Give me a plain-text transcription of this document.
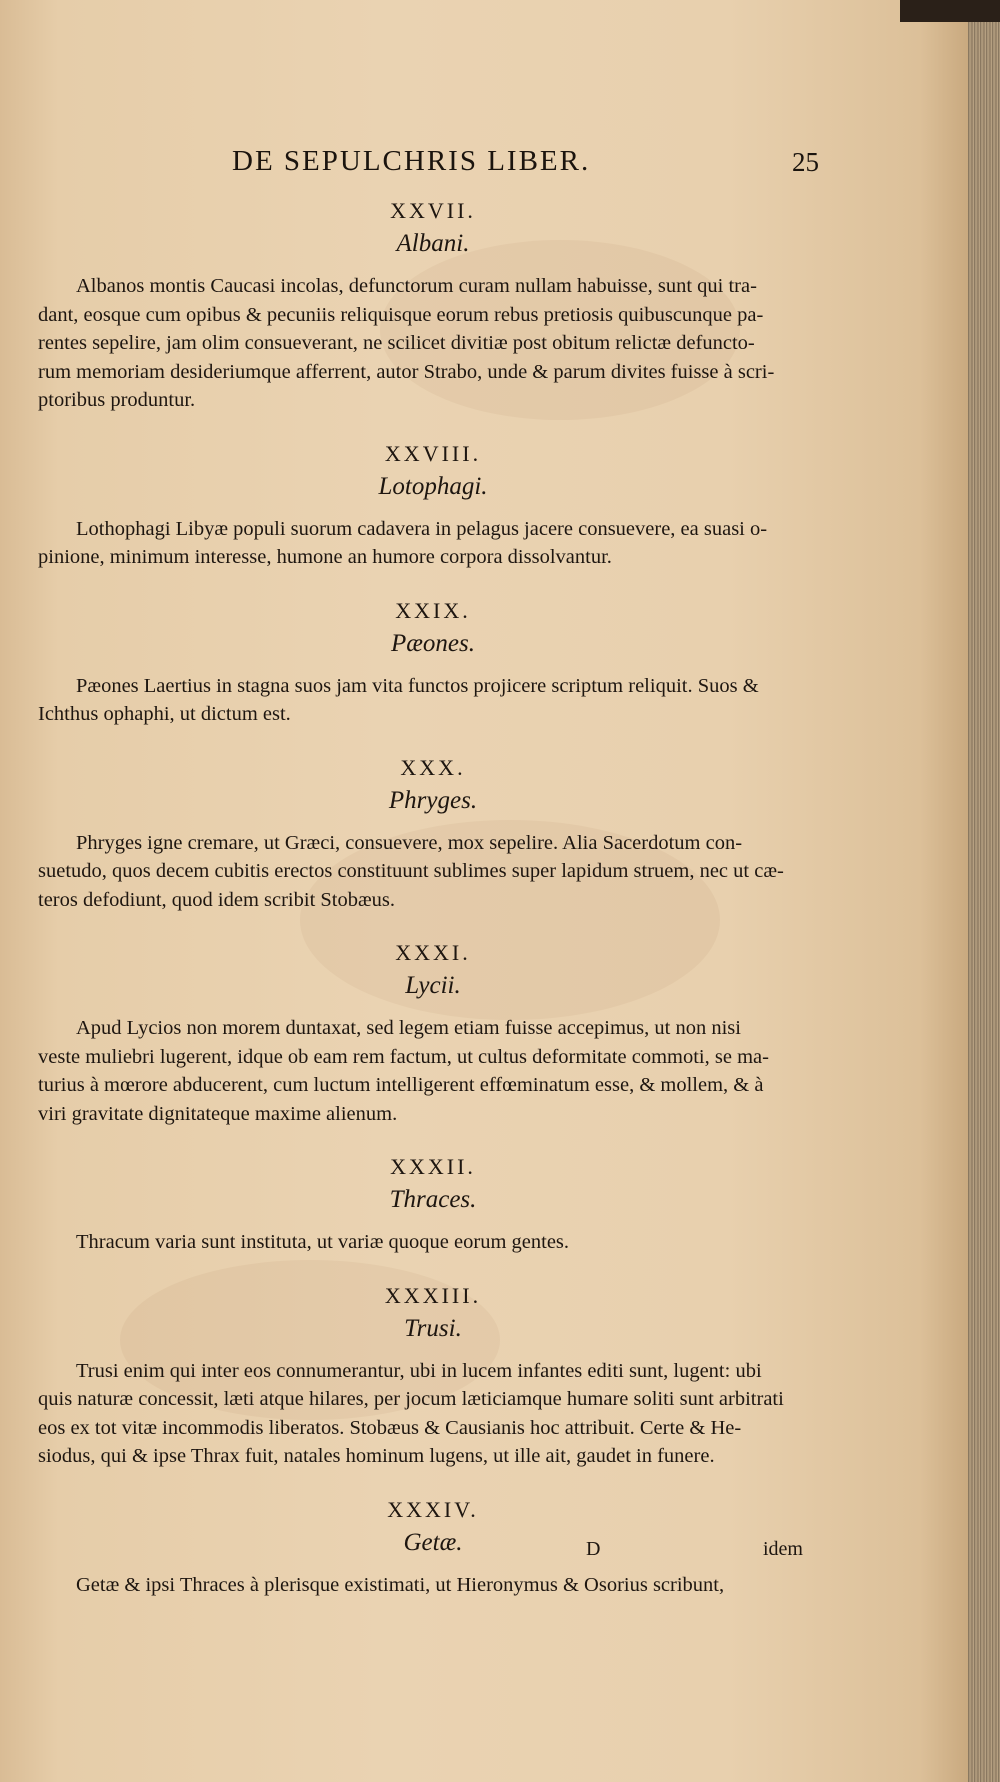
DE SEPULCHRIS LIBER.	25
XXVII.
Albani.
Albanos montis Caucasi incolas, defunctorum curam nullam habuisse, sunt qui tra-
dant, eosque cum opibus & pecuniis reliquisque eorum rebus pretiosis quibuscunque pa-
rentes sepelire, jam olim consueverant, ne scilicet divitiæ post obitum relictæ defuncto-
rum memoriam desideriumque afferrent, autor Strabo, unde & parum divites fuisse à scri-
ptoribus produntur.
XXVIII.
Lotophagi.
Lothophagi Libyæ populi suorum cadavera in pelagus jacere consuevere, ea suasi o-
pinione, minimum interesse, humone an humore corpora dissolvantur.
XXIX.
Pæones.
Pæones Laertius in stagna suos jam vita functos projicere scriptum reliquit. Suos &
Ichthus ophaphi, ut dictum est.
XXX.
Phryges.
Phryges igne cremare, ut Græci, consuevere, mox sepelire. Alia Sacerdotum con-
suetudo, quos decem cubitis erectos constituunt sublimes super lapidum struem, nec ut cæ-
teros defodiunt, quod idem scribit Stobæus.
XXXI.
Lycii.
Apud Lycios non morem duntaxat, sed legem etiam fuisse accepimus, ut non nisi
veste muliebri lugerent, idque ob eam rem factum, ut cultus deformitate commoti, se ma-
turius à mœrore abducerent, cum luctum intelligerent effœminatum esse, & mollem, & à
viri gravitate dignitateque maxime alienum.
XXXII.
Thraces.
Thracum varia sunt instituta, ut variæ quoque eorum gentes.
XXXIII.
Trusi.
Trusi enim qui inter eos connumerantur, ubi in lucem infantes editi sunt, lugent: ubi
quis naturæ concessit, læti atque hilares, per jocum læticiamque humare soliti sunt arbitrati
eos ex tot vitæ incommodis liberatos. Stobæus & Causianis hoc attribuit. Certe & He-
siodus, qui & ipse Thrax fuit, natales hominum lugens, ut ille ait, gaudet in funere.
XXXIV.
Getæ.
Getæ & ipsi Thraces à plerisque existimati, ut Hieronymus & Osorius scribunt,
D	idem
